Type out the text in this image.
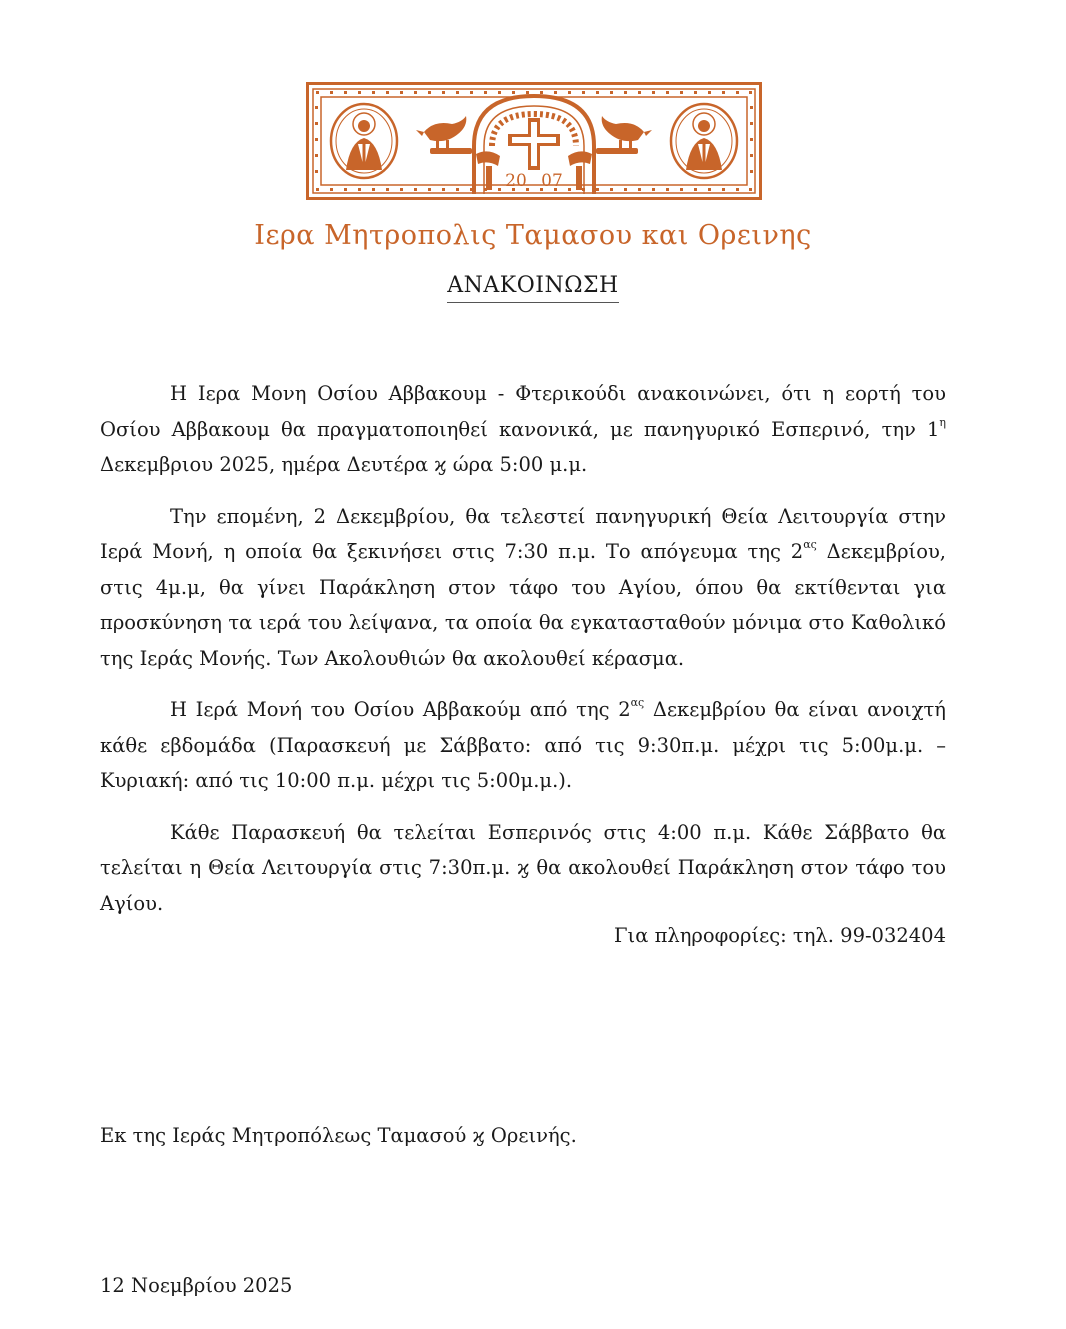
20 07
Ιερα Μητροπολις Ταμασου και Ορεινης
ΑΝΑΚΟΙΝΩΣΗ

Η Ιερα Μονη Οσίου Αββακουμ - Φτερικούδι ανακοινώνει, ότι η εορτή του Οσίου Αββακουμ θα πραγματοποιηθεί κανονικά, με πανηγυρικό Εσπερινό, την $1^\eta$ Δεκεμβριου 2025, ημέρα Δευτέρα ϗ ώρα 5:00 μ.μ.

Την επομένη, 2 Δεκεμβρίου, θα τελεστεί πανηγυρική Θεία Λειτουργία στην Ιερά Μονή, η οποία θα ξεκινήσει στις 7:30 π.μ. Το απόγευμα της $2^{\alpha\varsigma}$ Δεκεμβρίου, στις 4μ.μ, θα γίνει Παράκληση στον τάφο του Αγίου, όπου θα εκτίθενται για προσκύνηση τα ιερά του λείψανα, τα οποία θα εγκατασταθούν μόνιμα στο Καθολικό της Ιεράς Μονής. Των Ακολουθιών θα ακολουθεί κέρασμα.

Η Ιερά Μονή του Οσίου Αββακούμ από της $2^{\alpha\varsigma}$ Δεκεμβρίου θα είναι ανοιχτή κάθε εβδομάδα (Παρασκευή με Σάββατο: από τις 9:30π.μ. μέχρι τις 5:00μ.μ. – Κυριακή: από τις 10:00 π.μ. μέχρι τις 5:00μ.μ.).

Κάθε Παρασκευή θα τελείται Εσπερινός στις 4:00 π.μ. Κάθε Σάββατο θα τελείται η Θεία Λειτουργία στις 7:30π.μ. ϗ θα ακολουθεί Παράκληση στον τάφο του Αγίου.

Για πληροφορίες: τηλ. 99-032404
Εκ της Ιεράς Μητροπόλεως Ταμασού ϗ Ορεινής.
12 Νοεμβρίου 2025
